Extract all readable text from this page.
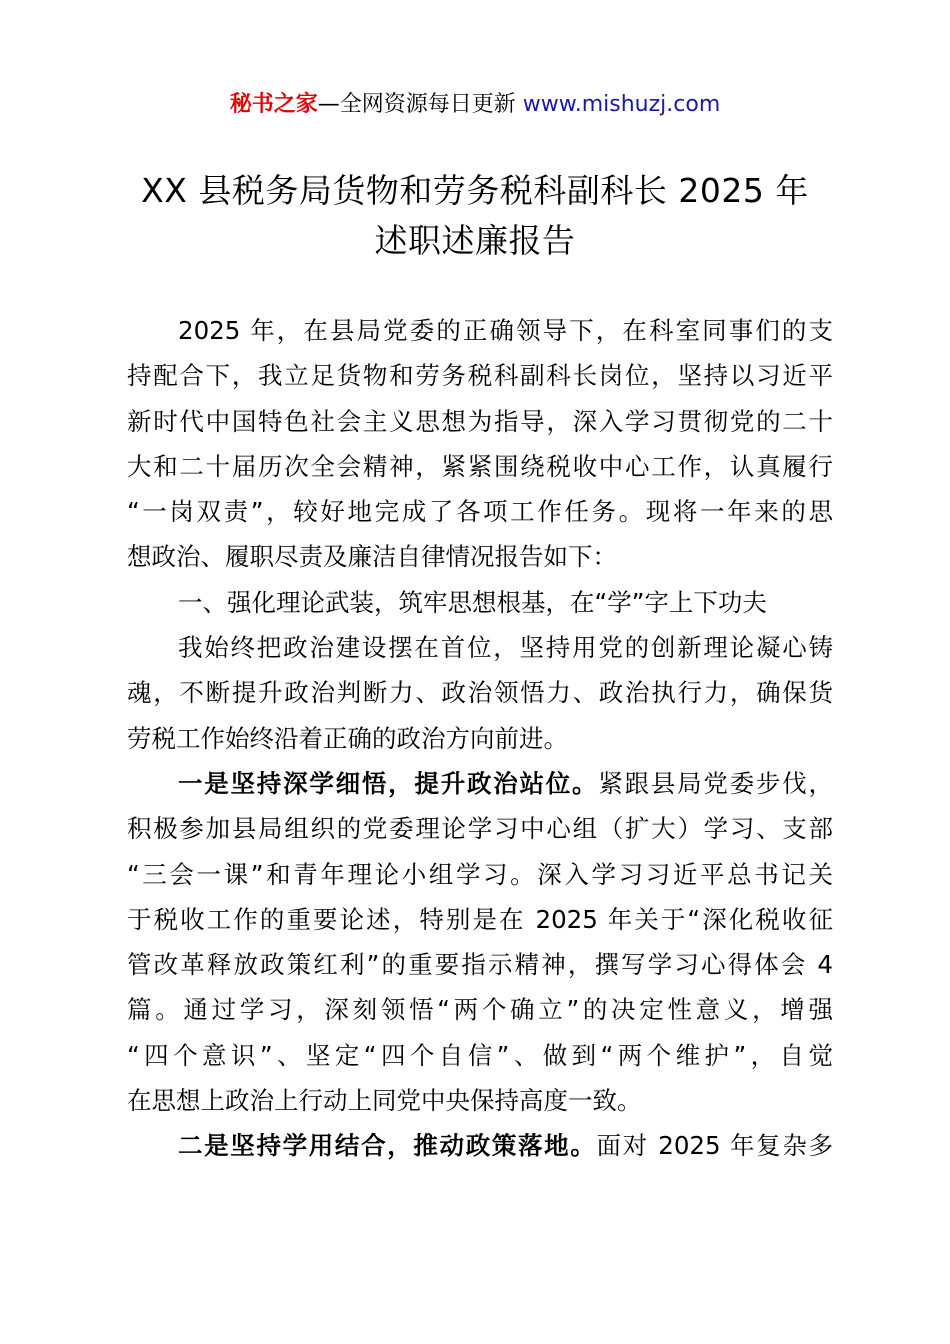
秘书之家—全网资源每日更新 www.mishuzj.com
XX 县税务局货物和劳务税科副科长 2025 年
述职述廉报告
2025 年，在县局党委的正确领导下，在科室同事们的支
持配合下，我立足货物和劳务税科副科长岗位，坚持以习近平
新时代中国特色社会主义思想为指导，深入学习贯彻党的二十
大和二十届历次全会精神，紧紧围绕税收中心工作，认真履行
“一岗双责”，较好地完成了各项工作任务。现将一年来的思
想政治、履职尽责及廉洁自律情况报告如下：
一、强化理论武装，筑牢思想根基，在“学”字上下功夫
我始终把政治建设摆在首位，坚持用党的创新理论凝心铸
魂，不断提升政治判断力、政治领悟力、政治执行力，确保货
劳税工作始终沿着正确的政治方向前进。
一是坚持深学细悟，提升政治站位。紧跟县局党委步伐，
积极参加县局组织的党委理论学习中心组（扩大）学习、支部
“三会一课”和青年理论小组学习。深入学习习近平总书记关
于税收工作的重要论述，特别是在 2025 年关于“深化税收征
管改革释放政策红利”的重要指示精神，撰写学习心得体会 4
篇。通过学习，深刻领悟“两个确立”的决定性意义，增强
“四个意识”、坚定“四个自信”、做到“两个维护”，自觉
在思想上政治上行动上同党中央保持高度一致。
二是坚持学用结合，推动政策落地。面对 2025 年复杂多
